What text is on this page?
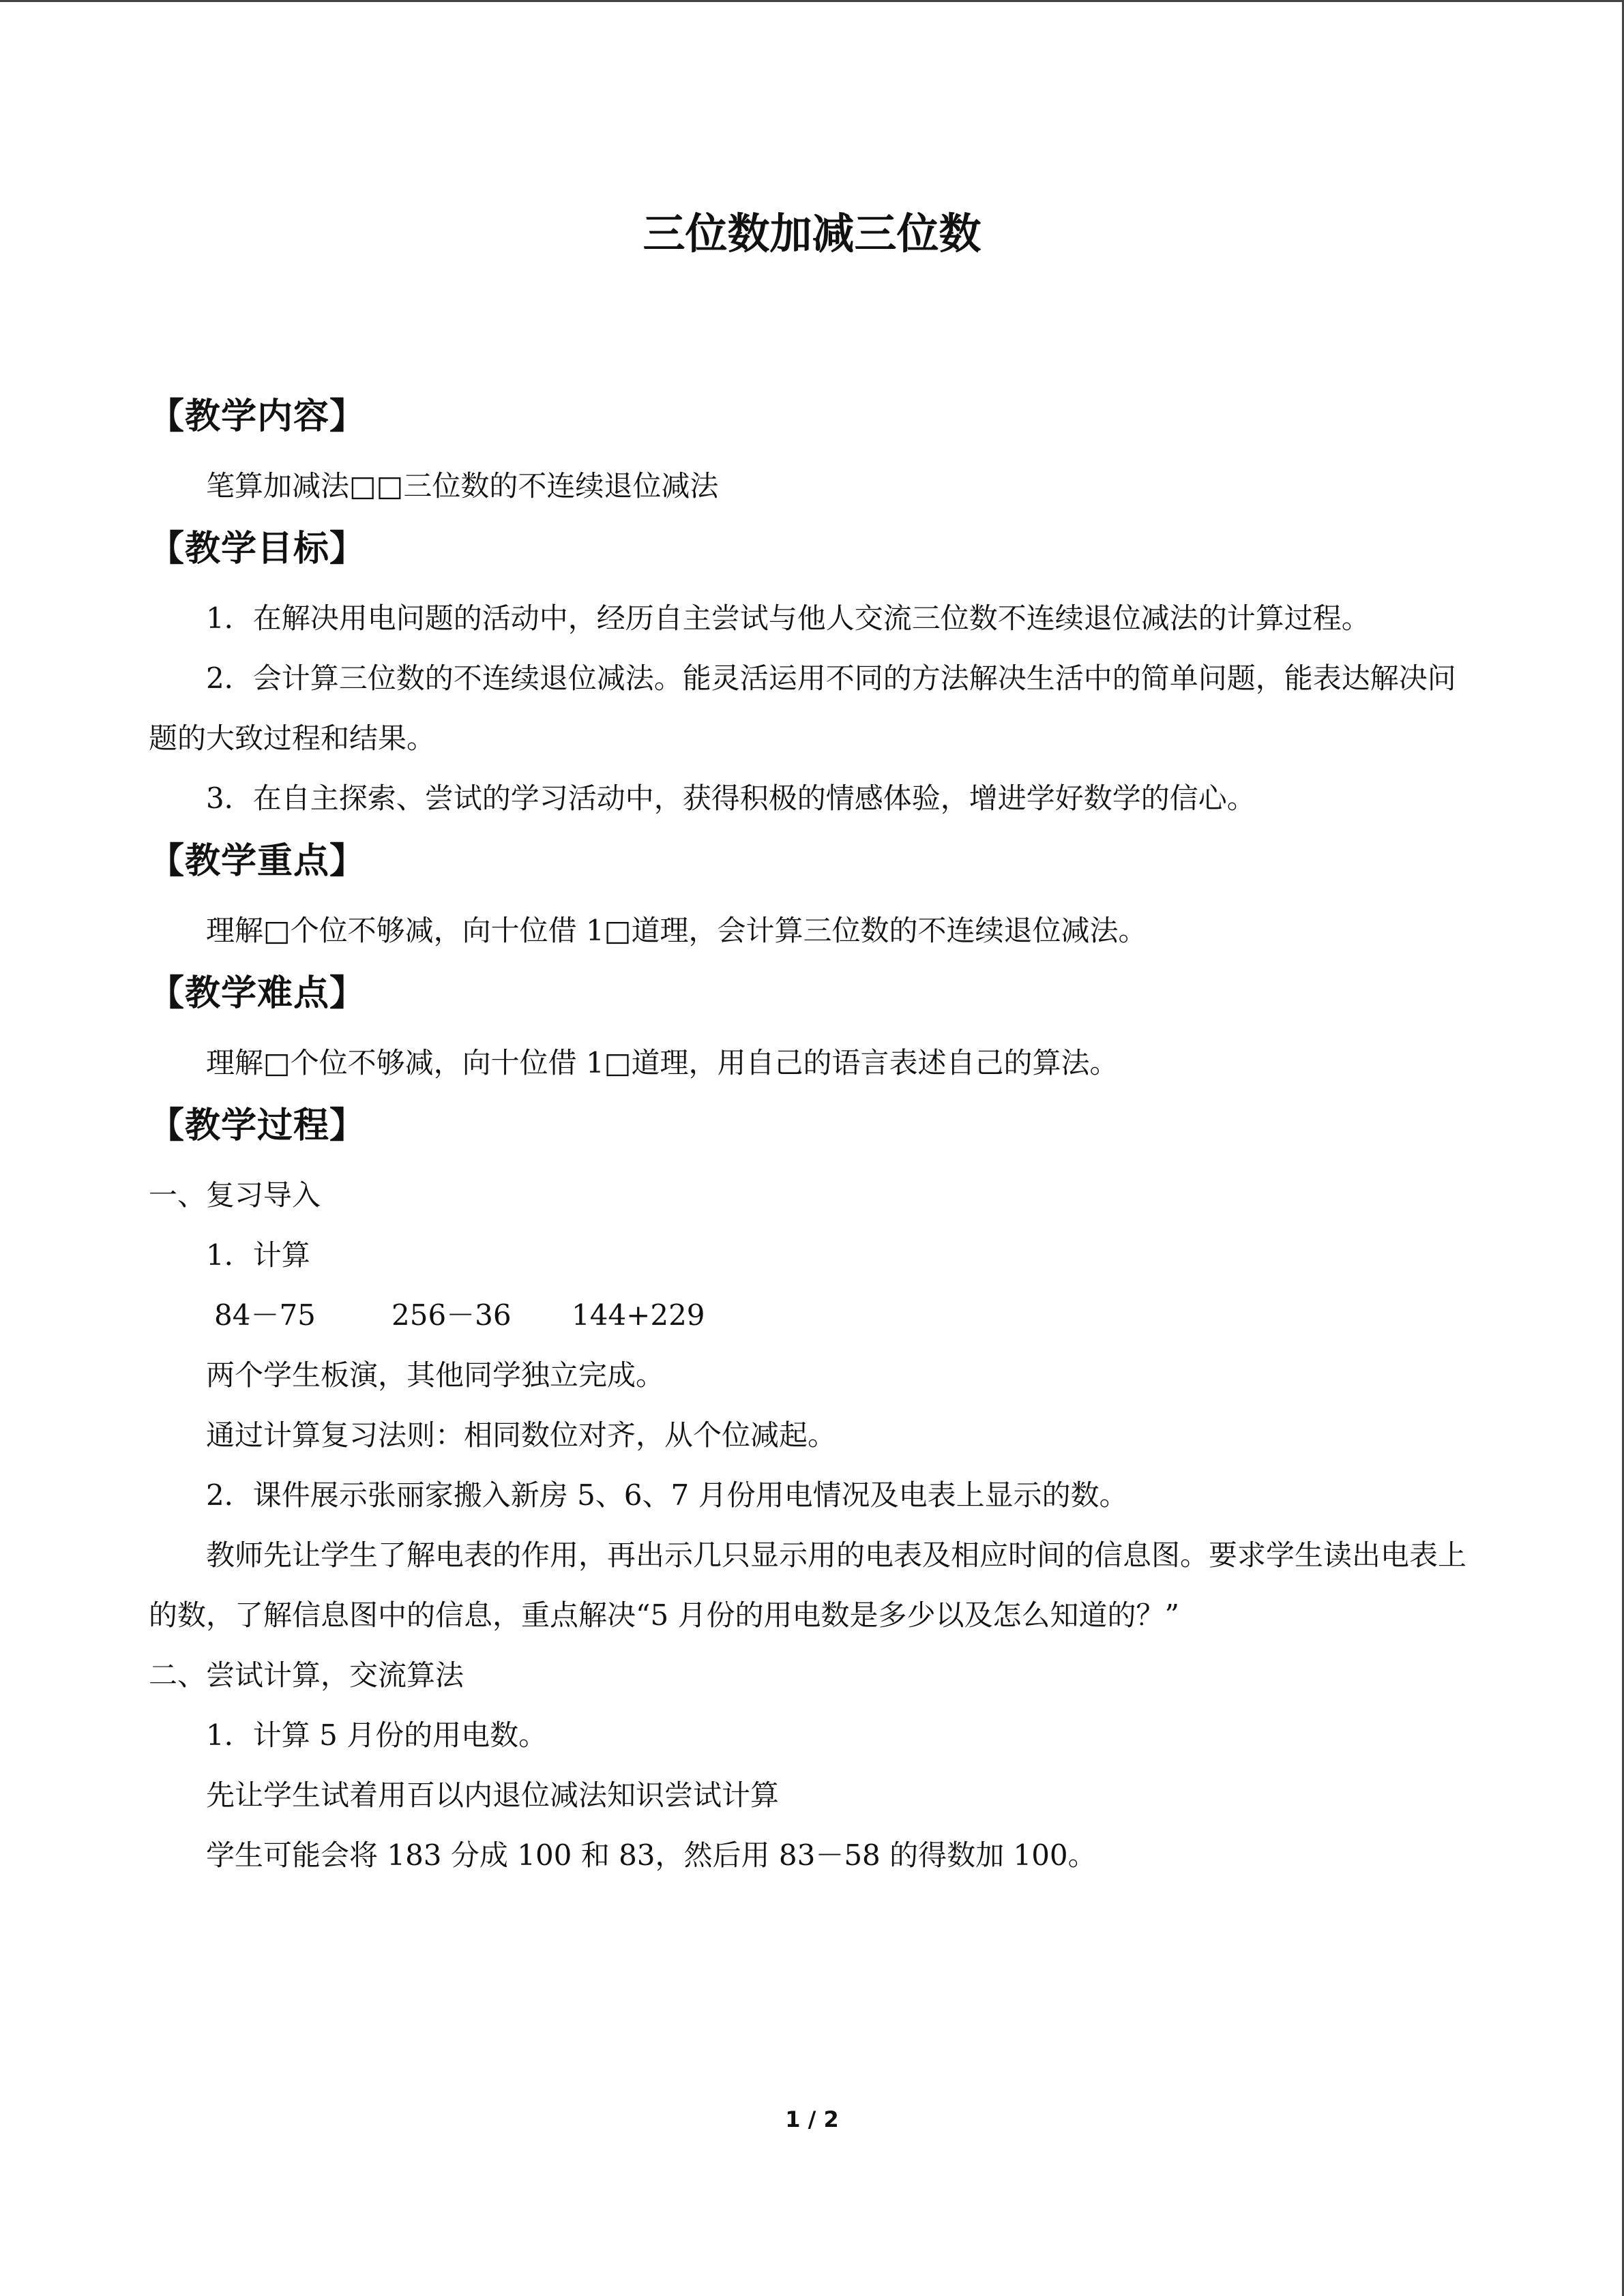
三位数加减三位数
【教学内容】

笔算加减法□□三位数的不连续退位减法

【教学目标】

1．在解决用电问题的活动中，经历自主尝试与他人交流三位数不连续退位减法的计算过程。

2．会计算三位数的不连续退位减法。能灵活运用不同的方法解决生活中的简单问题，能表达解决问题的大致过程和结果。

3．在自主探索、尝试的学习活动中，获得积极的情感体验，增进学好数学的信心。

【教学重点】

理解□个位不够减，向十位借 1□道理，会计算三位数的不连续退位减法。

【教学难点】

理解□个位不够减，向十位借 1□道理，用自己的语言表述自己的算法。

【教学过程】

一、复习导入

1．计算

84－75	256－36 144+229

两个学生板演，其他同学独立完成。

通过计算复习法则：相同数位对齐，从个位减起。

2．课件展示张丽家搬入新房 5、6、7 月份用电情况及电表上显示的数。

教师先让学生了解电表的作用，再出示几只显示用的电表及相应时间的信息图。要求学生读出电表上的数，了解信息图中的信息，重点解决“5 月份的用电数是多少以及怎么知道的？”

二、尝试计算，交流算法

1．计算 5 月份的用电数。

先让学生试着用百以内退位减法知识尝试计算

学生可能会将 183 分成 100 和 83，然后用 83－58 的得数加 100。

1 / 2
